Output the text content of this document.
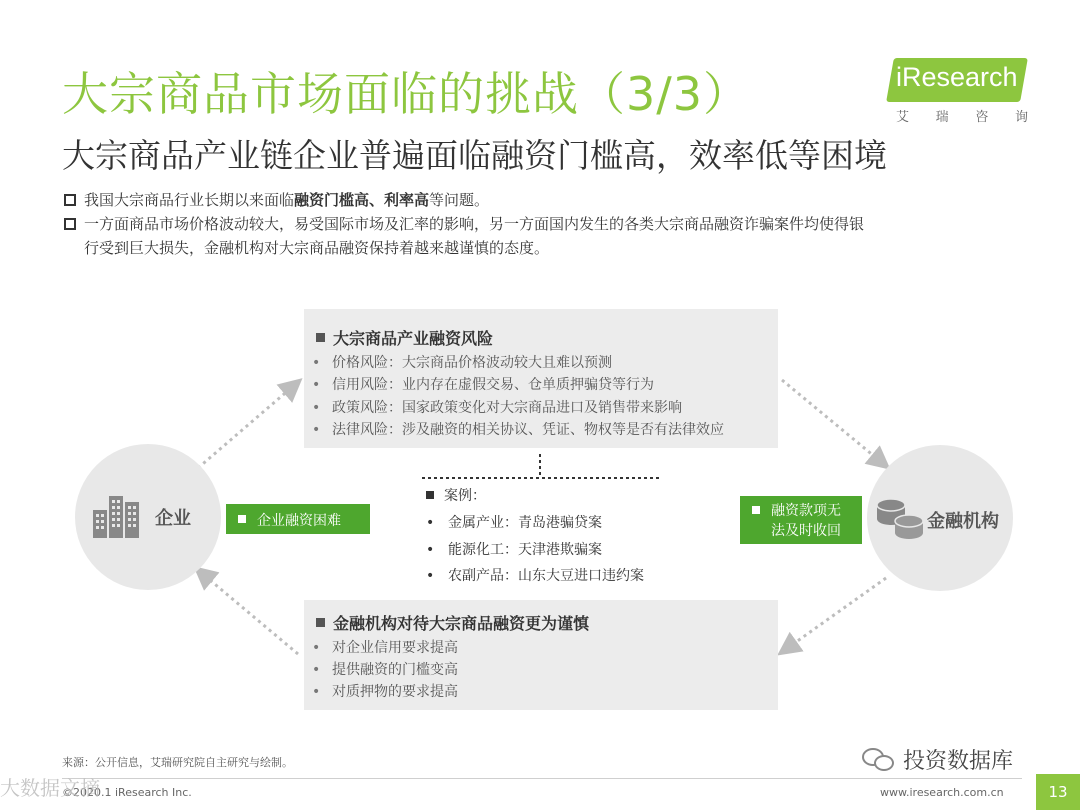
大宗商品市场面临的挑战（3/3）
大宗商品产业链企业普遍面临融资门槛高，效率低等困境
iResearch
艾 瑞 咨 询
我国大宗商品行业长期以来面临融资门槛高、利率高等问题。
一方面商品市场价格波动较大，易受国际市场及汇率的影响，另一方面国内发生的各类大宗商品融资诈骗案件均使得银
行受到巨大损失，金融机构对大宗商品融资保持着越来越谨慎的态度。
大宗商品产业融资风险
• 价格风险：大宗商品价格波动较大且难以预测
• 信用风险：业内存在虚假交易、仓单质押骗贷等行为
• 政策风险：国家政策变化对大宗商品进口及销售带来影响
• 法律风险：涉及融资的相关协议、凭证、物权等是否有法律效应
金融机构对待大宗商品融资更为谨慎
• 对企业信用要求提高
• 提供融资的门槛变高
• 对质押物的要求提高
企业	金融机构
企业融资困难
融资款项无
法及时收回
案例：
• 金属产业：青岛港骗贷案
• 能源化工：天津港欺骗案
• 农副产品：山东大豆进口违约案
来源：公开信息，艾瑞研究院自主研究与绘制。
©2020.1 iResearch Inc.	www.iresearch.com.cn	13
投资数据库
大数据文摘
